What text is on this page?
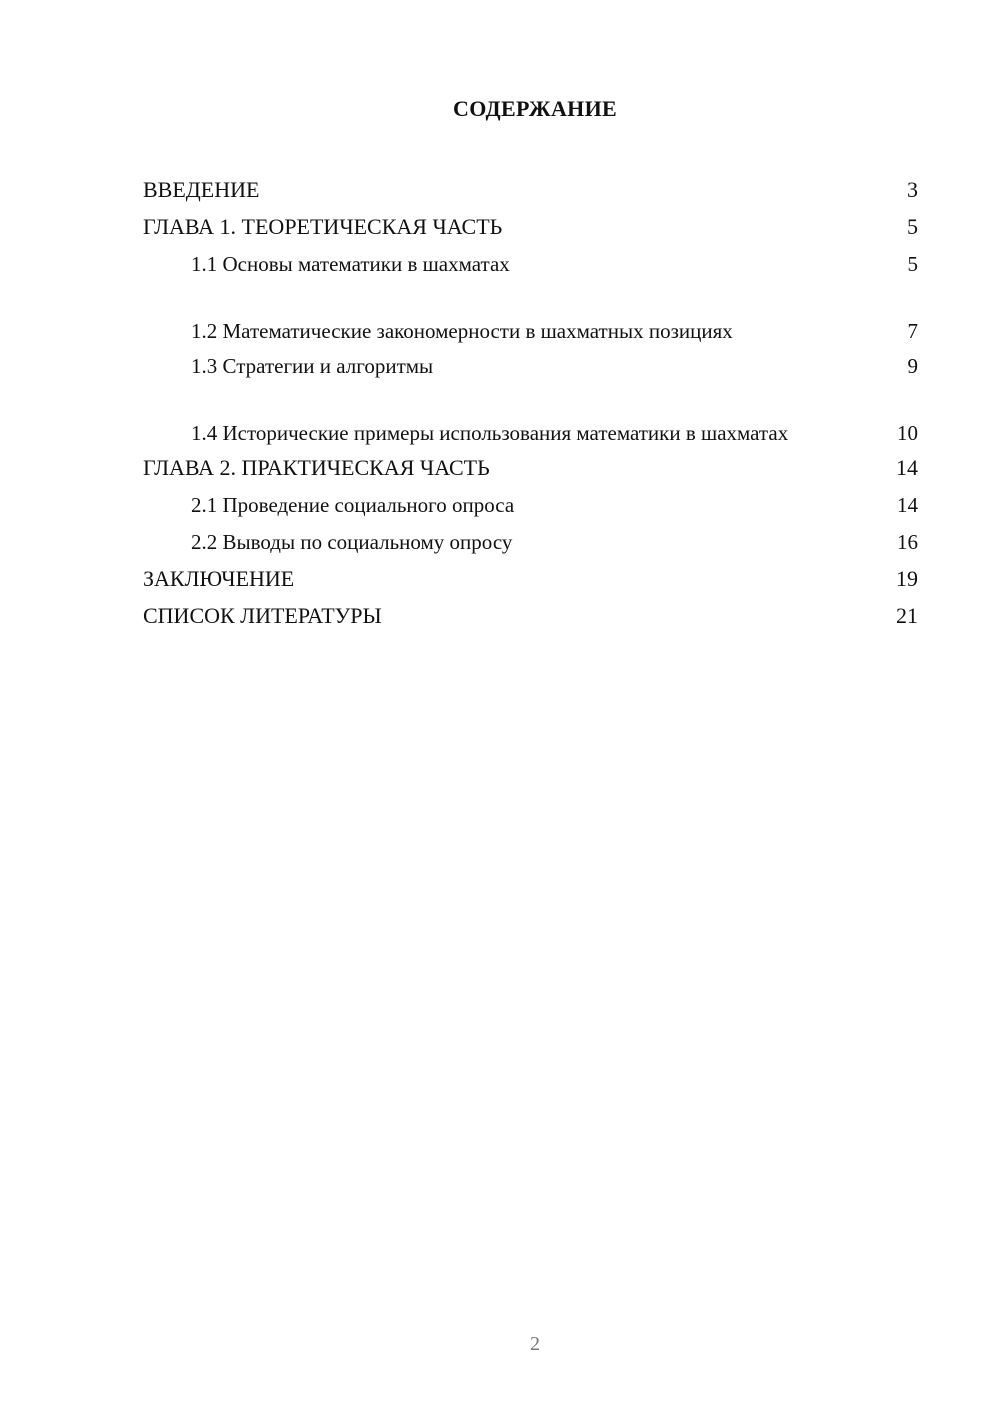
СОДЕРЖАНИЕ
ВВЕДЕНИЕ	3
ГЛАВА 1. ТЕОРЕТИЧЕСКАЯ ЧАСТЬ	5
1.1 Основы математики в шахматах	5
1.2 Математические закономерности в шахматных позициях	7
1.3 Стратегии и алгоритмы	9
1.4 Исторические примеры использования математики в шахматах	10
ГЛАВА 2. ПРАКТИЧЕСКАЯ ЧАСТЬ	14
2.1 Проведение социального опроса	14
2.2 Выводы по социальному опросу	16
ЗАКЛЮЧЕНИЕ	19
СПИСОК ЛИТЕРАТУРЫ	21
2
